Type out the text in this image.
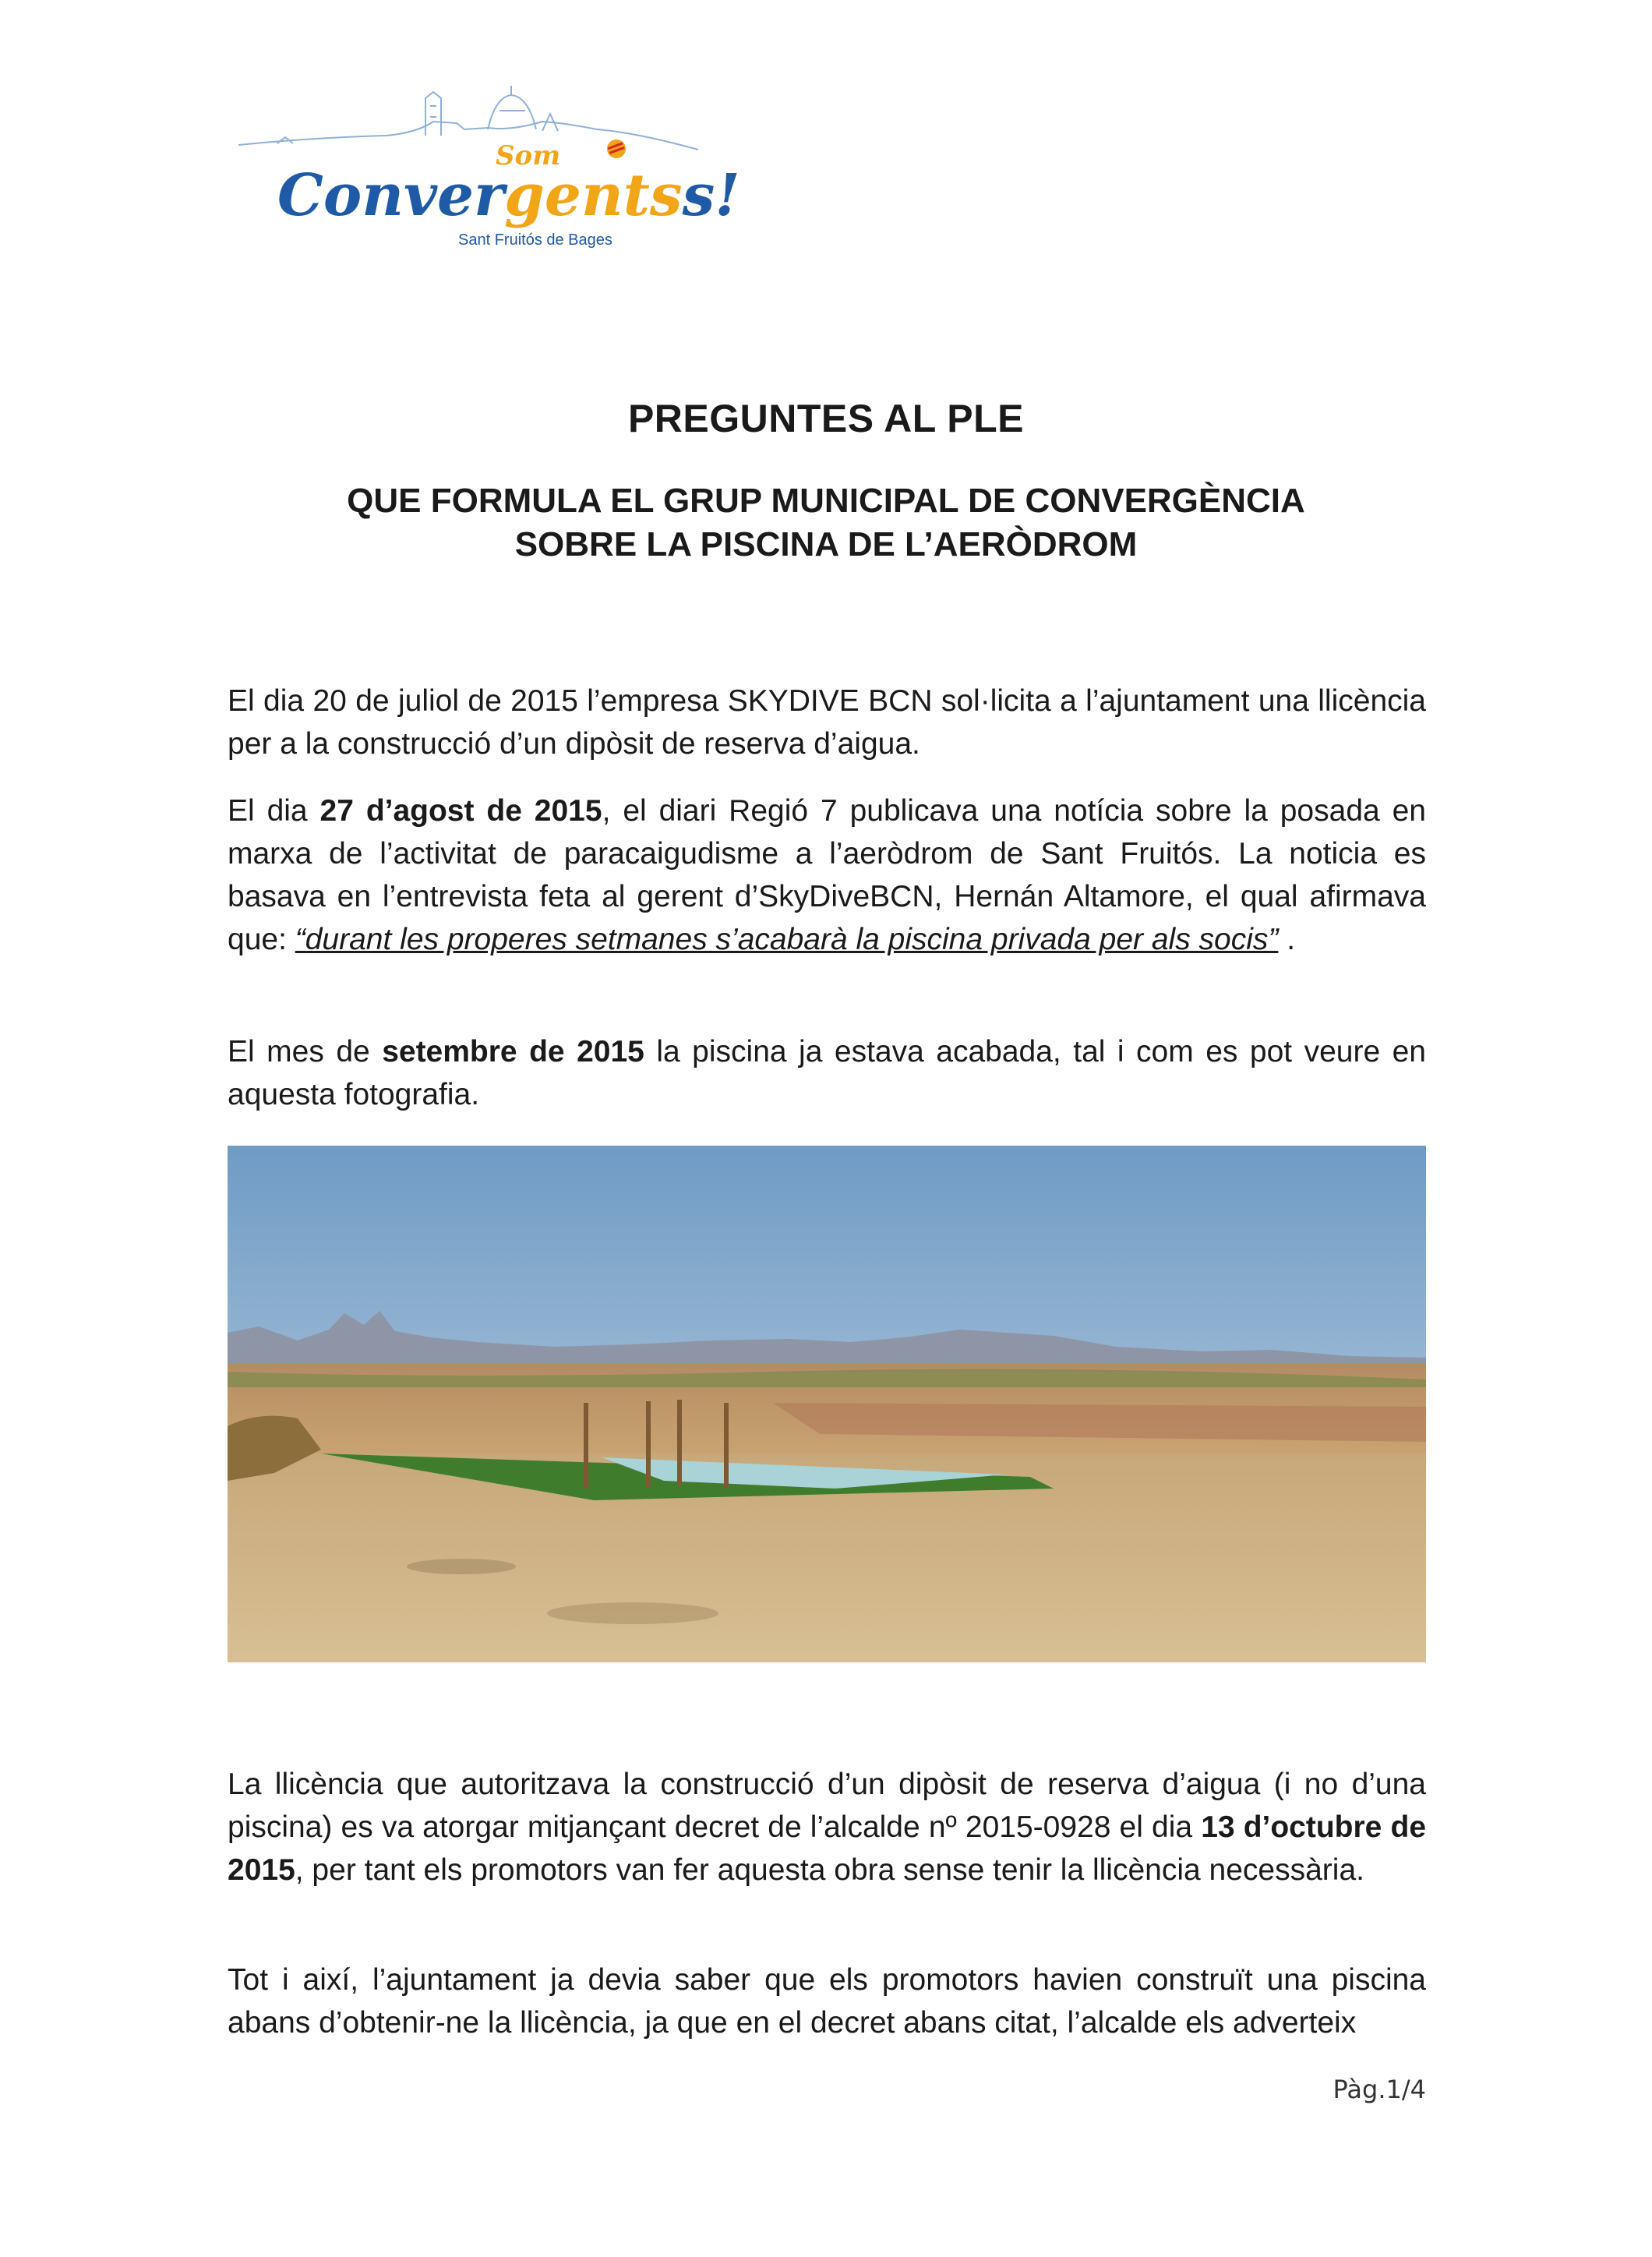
Som
Convergentss!
Sant Fruitós de Bages
PREGUNTES AL PLE
QUE FORMULA EL GRUP MUNICIPAL DE CONVERGÈNCIA
SOBRE LA PISCINA DE L’AERÒDROM

El dia 20 de juliol de 2015 l’empresa SKYDIVE BCN sol·licita a l’ajuntament una llicència per a la construcció d’un dipòsit de reserva d’aigua.

El dia 27 d’agost de 2015, el diari Regió 7 publicava una notícia sobre la posada en marxa de l’activitat de paracaigudisme a l’aeròdrom de Sant Fruitós. La noticia es basava en l’entrevista feta al gerent d’SkyDiveBCN, Hernán Altamore, el qual afirmava que: “durant les properes setmanes s’acabarà la piscina privada per als socis” .

El mes de setembre de 2015 la piscina ja estava acabada, tal i com es pot veure en aquesta fotografia.

La llicència que autoritzava la construcció d’un dipòsit de reserva d’aigua (i no d’una piscina) es va atorgar mitjançant decret de l’alcalde nº 2015-0928 el dia 13 d’octubre de 2015, per tant els promotors van fer aquesta obra sense tenir la llicència necessària.

Tot i així, l’ajuntament ja devia saber que els promotors havien construït una piscina abans d’obtenir-ne la llicència, ja que en el decret abans citat, l’alcalde els adverteix

Pàg.1/4
